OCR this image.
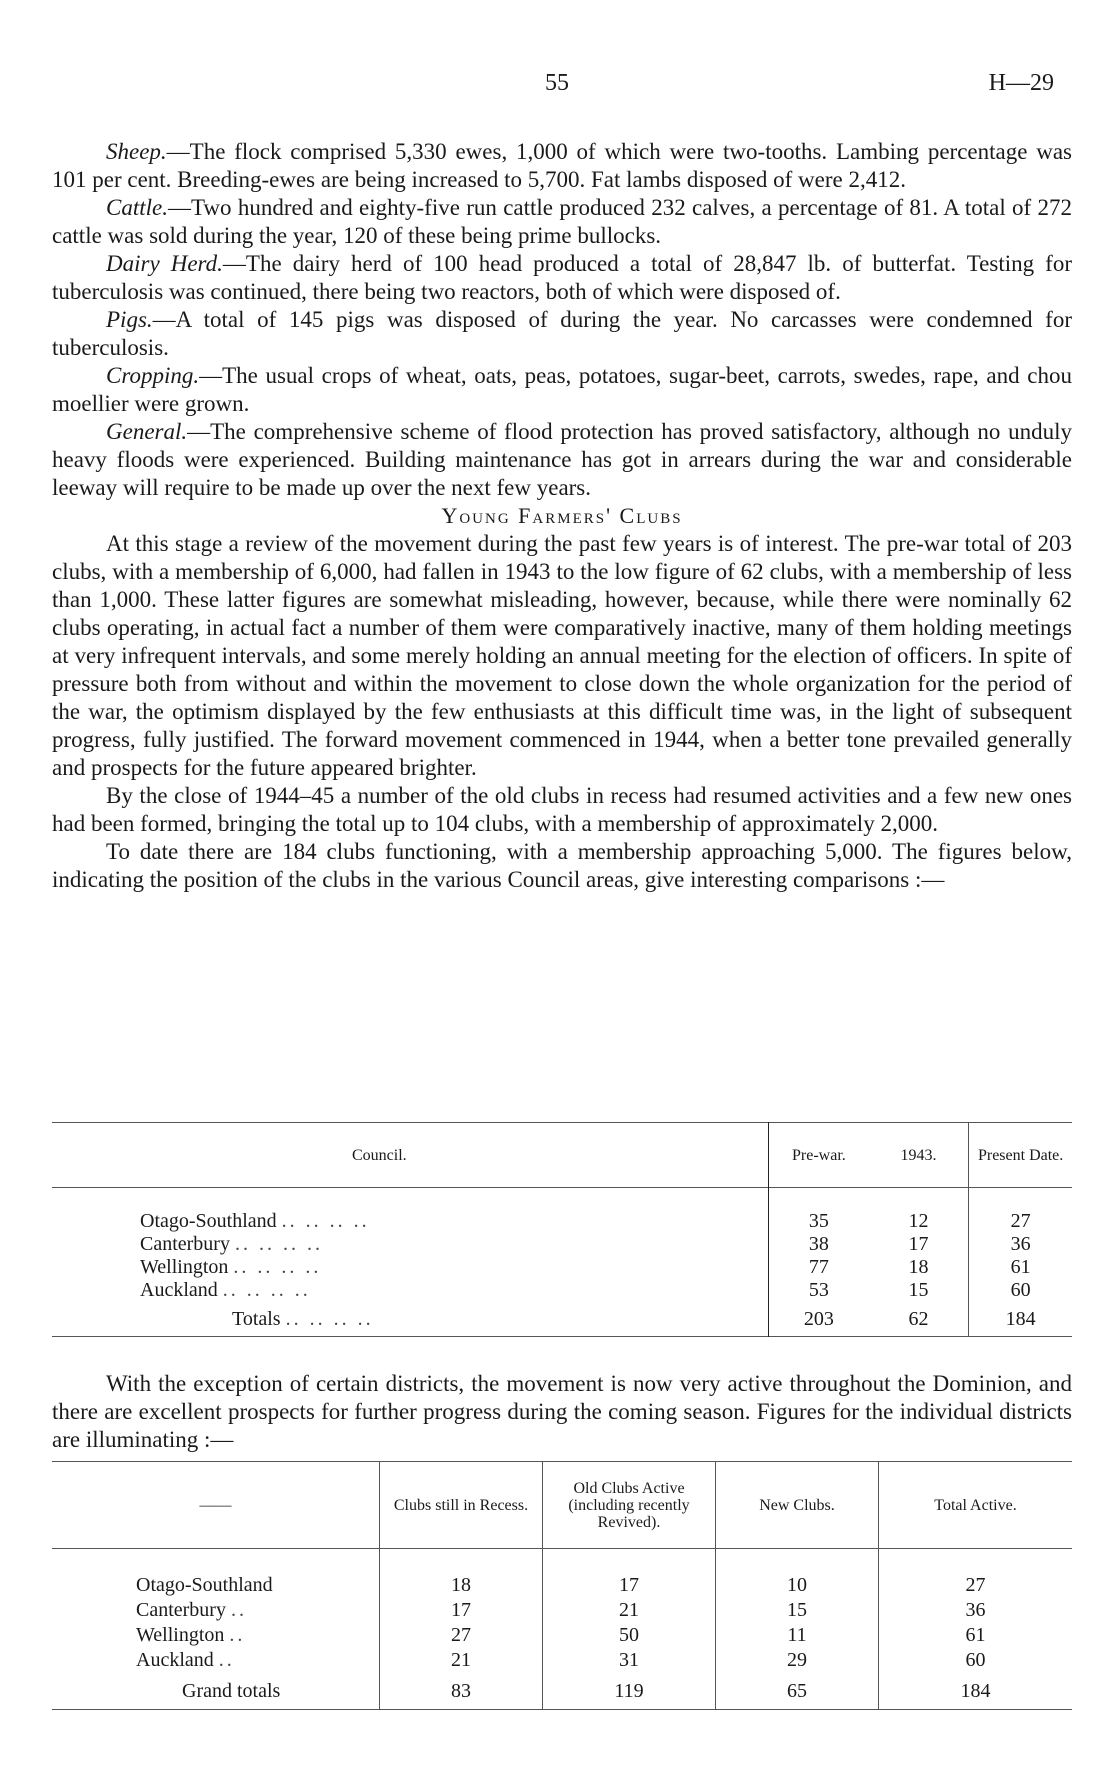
55	H—29

Sheep.—The flock comprised 5,330 ewes, 1,000 of which were two-tooths. Lambing percentage was 101 per cent. Breeding-ewes are being increased to 5,700. Fat lambs disposed of were 2,412.

Cattle.—Two hundred and eighty-five run cattle produced 232 calves, a percentage of 81. A total of 272 cattle was sold during the year, 120 of these being prime bullocks.

Dairy Herd.—The dairy herd of 100 head produced a total of 28,847 lb. of butterfat. Testing for tuberculosis was continued, there being two reactors, both of which were disposed of.

Pigs.—A total of 145 pigs was disposed of during the year. No carcasses were condemned for tuberculosis.

Cropping.—The usual crops of wheat, oats, peas, potatoes, sugar-beet, carrots, swedes, rape, and chou moellier were grown.

General.—The comprehensive scheme of flood protection has proved satisfactory, although no unduly heavy floods were experienced. Building maintenance has got in arrears during the war and considerable leeway will require to be made up over the next few years.

Young Farmers' Clubs

At this stage a review of the movement during the past few years is of interest. The pre-war total of 203 clubs, with a membership of 6,000, had fallen in 1943 to the low figure of 62 clubs, with a membership of less than 1,000. These latter figures are somewhat misleading, however, because, while there were nominally 62 clubs operating, in actual fact a number of them were comparatively inactive, many of them holding meetings at very infrequent intervals, and some merely holding an annual meeting for the election of officers. In spite of pressure both from without and within the movement to close down the whole organization for the period of the war, the optimism displayed by the few enthusiasts at this difficult time was, in the light of subsequent progress, fully justified. The forward movement commenced in 1944, when a better tone prevailed generally and prospects for the future appeared brighter.

By the close of 1944–45 a number of the old clubs in recess had resumed activities and a few new ones had been formed, bringing the total up to 104 clubs, with a membership of approximately 2,000.

To date there are 184 clubs functioning, with a membership approaching 5,000. The figures below, indicating the position of the clubs in the various Council areas, give interesting comparisons :—

Council.	Pre-war.	1943.	Present Date.

Otago-Southland .. .. .. ..	35	12	27
Canterbury .. .. .. ..	38	17	36
Wellington .. .. .. ..	77	18	61
Auckland .. .. .. ..	53	15	60
Totals .. .. .. ..	203	62	184

With the exception of certain districts, the movement is now very active throughout the Dominion, and there are excellent prospects for further progress during the coming season. Figures for the individual districts are illuminating :—

——	Clubs still in Recess.	Old Clubs Active (including recently Revived).	New Clubs.	Total Active.

Otago-Southland	18	17	10	27
Canterbury ..	17	21	15	36
Wellington ..	27	50	11	61
Auckland ..	21	31	29	60
Grand totals	83	119	65	184
